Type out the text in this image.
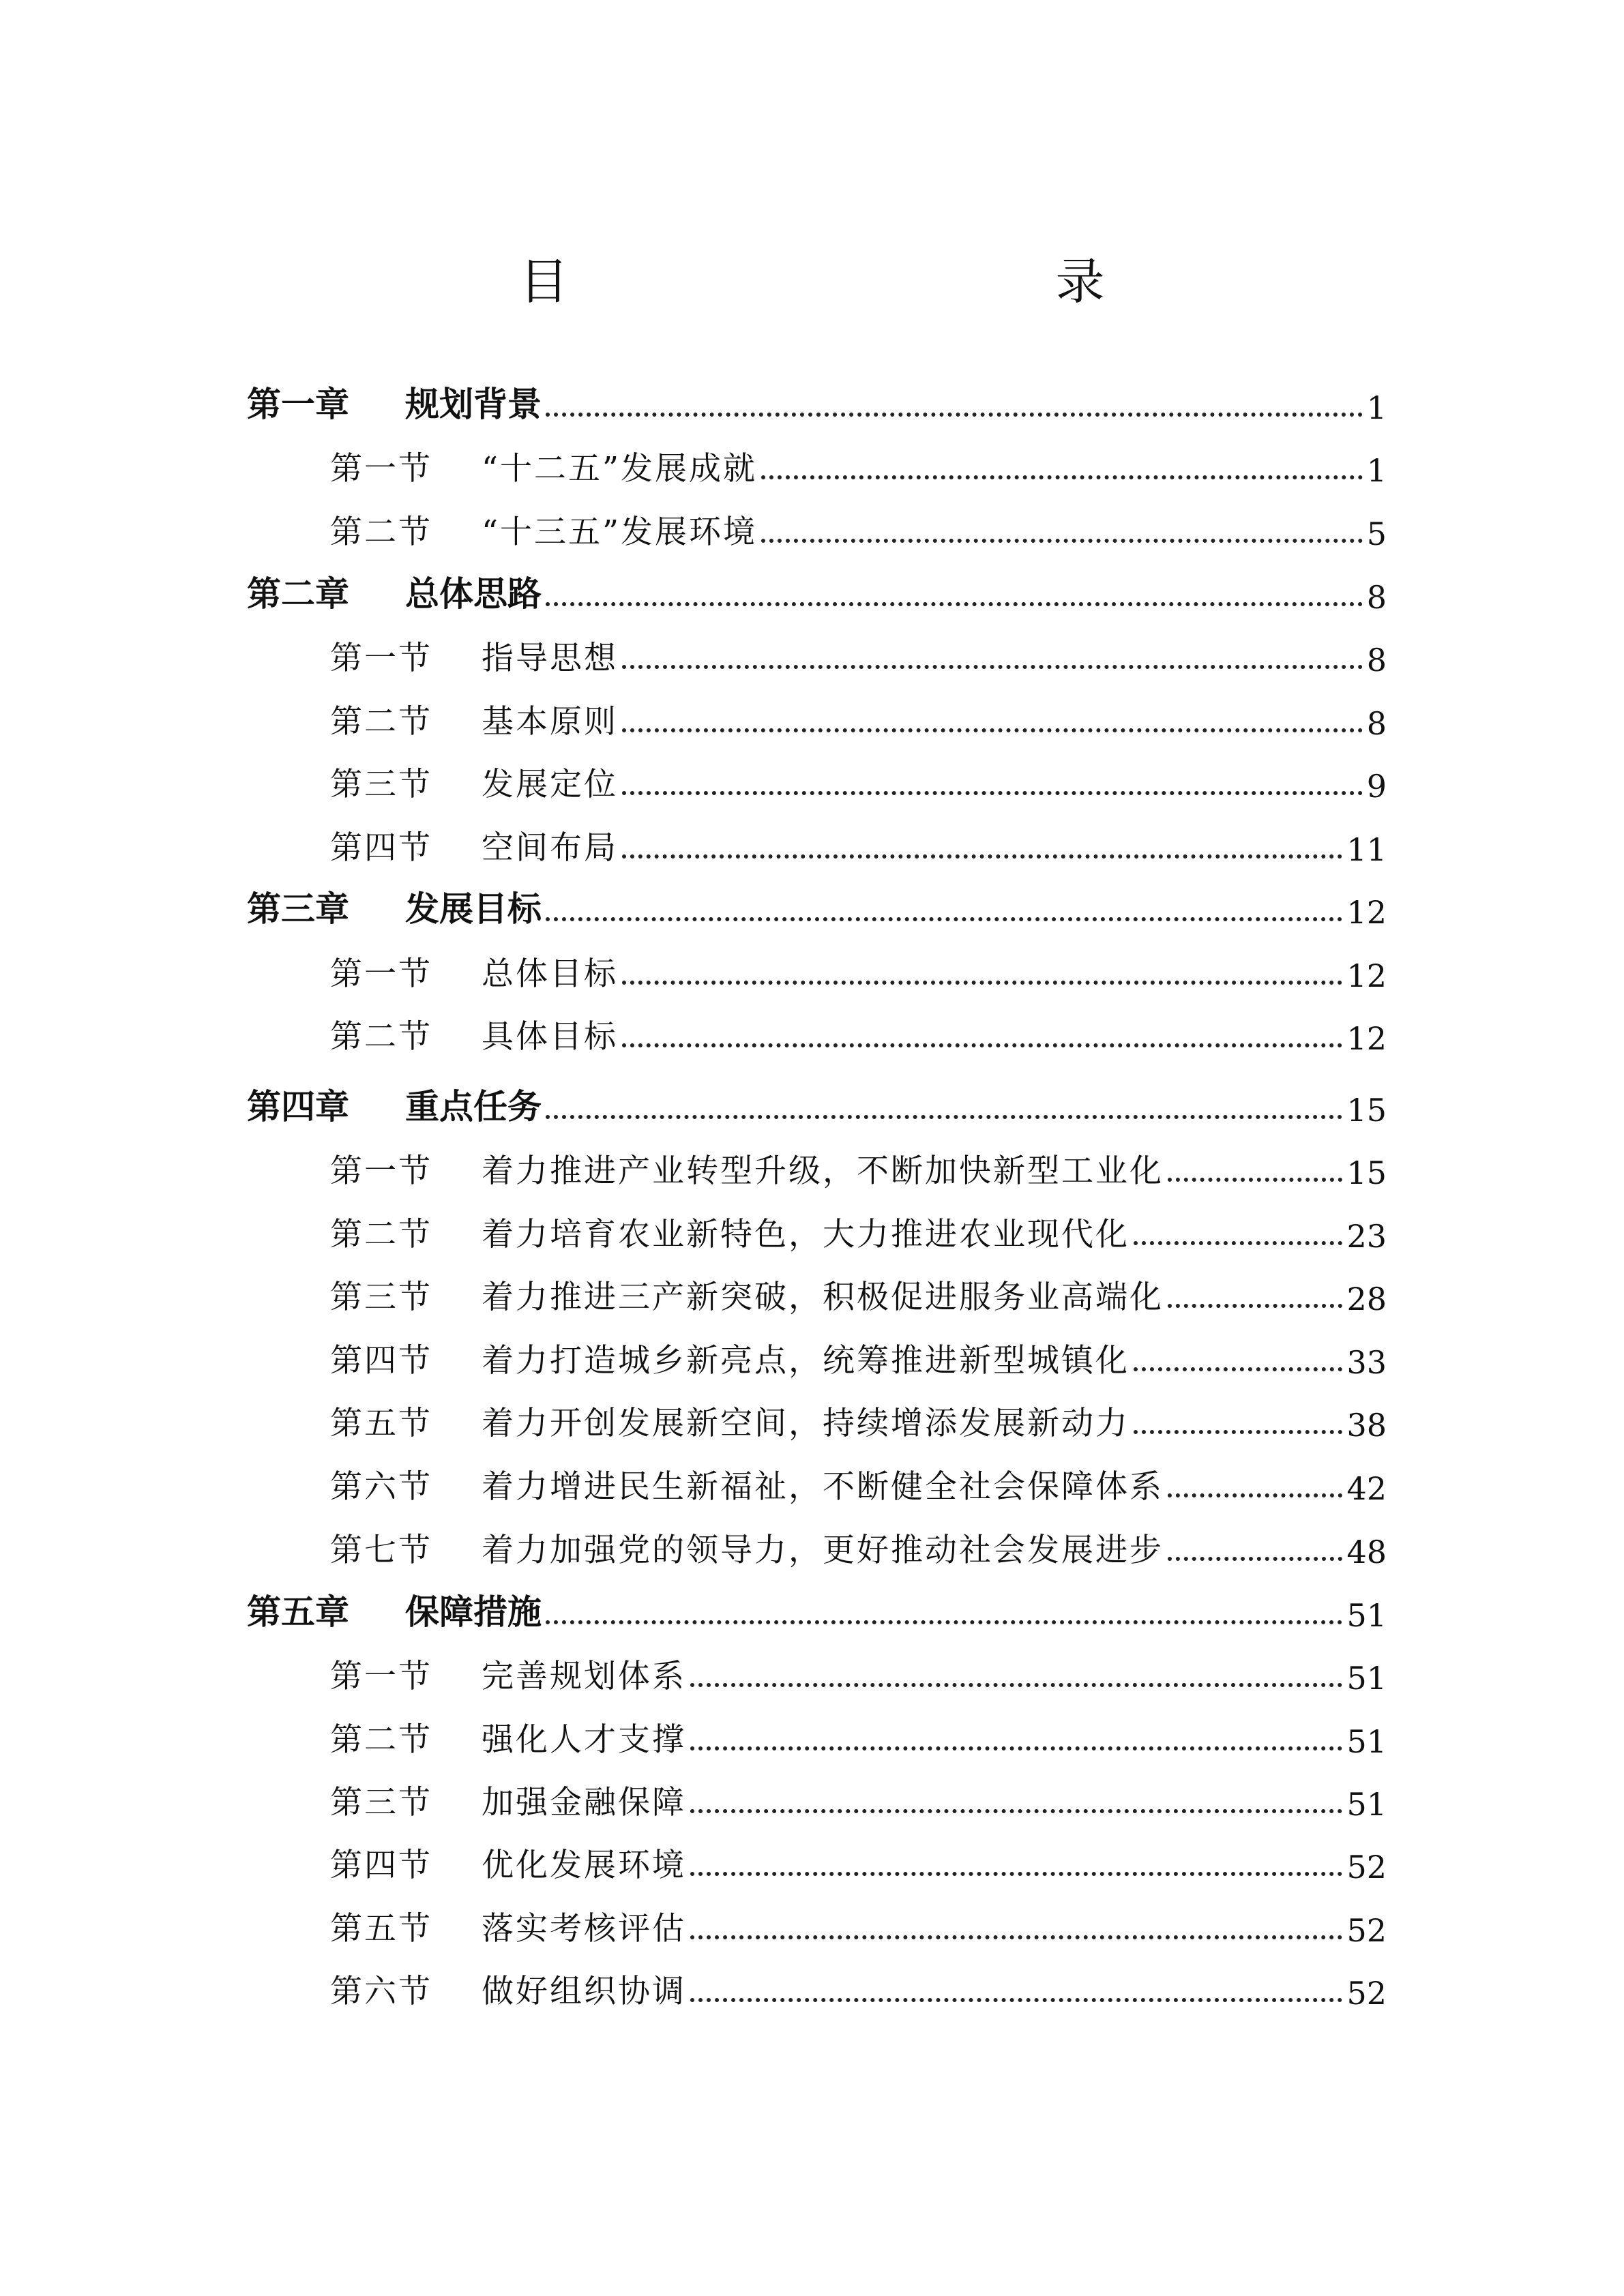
目　　录
第一章	规划背景	1
第一节	“十二五”发展成就	1
第二节	“十三五”发展环境	5
第二章	总体思路	8
第一节	指导思想	8
第二节	基本原则	8
第三节	发展定位	9
第四节	空间布局	11
第三章	发展目标	12
第一节	总体目标	12
第二节	具体目标	12
第四章	重点任务	15
第一节	着力推进产业转型升级，不断加快新型工业化	15
第二节	着力培育农业新特色，大力推进农业现代化	23
第三节	着力推进三产新突破，积极促进服务业高端化	28
第四节	着力打造城乡新亮点，统筹推进新型城镇化	33
第五节	着力开创发展新空间，持续增添发展新动力	38
第六节	着力增进民生新福祉，不断健全社会保障体系	42
第七节	着力加强党的领导力，更好推动社会发展进步	48
第五章	保障措施	51
第一节	完善规划体系	51
第二节	强化人才支撑	51
第三节	加强金融保障	51
第四节	优化发展环境	52
第五节	落实考核评估	52
第六节	做好组织协调	52
